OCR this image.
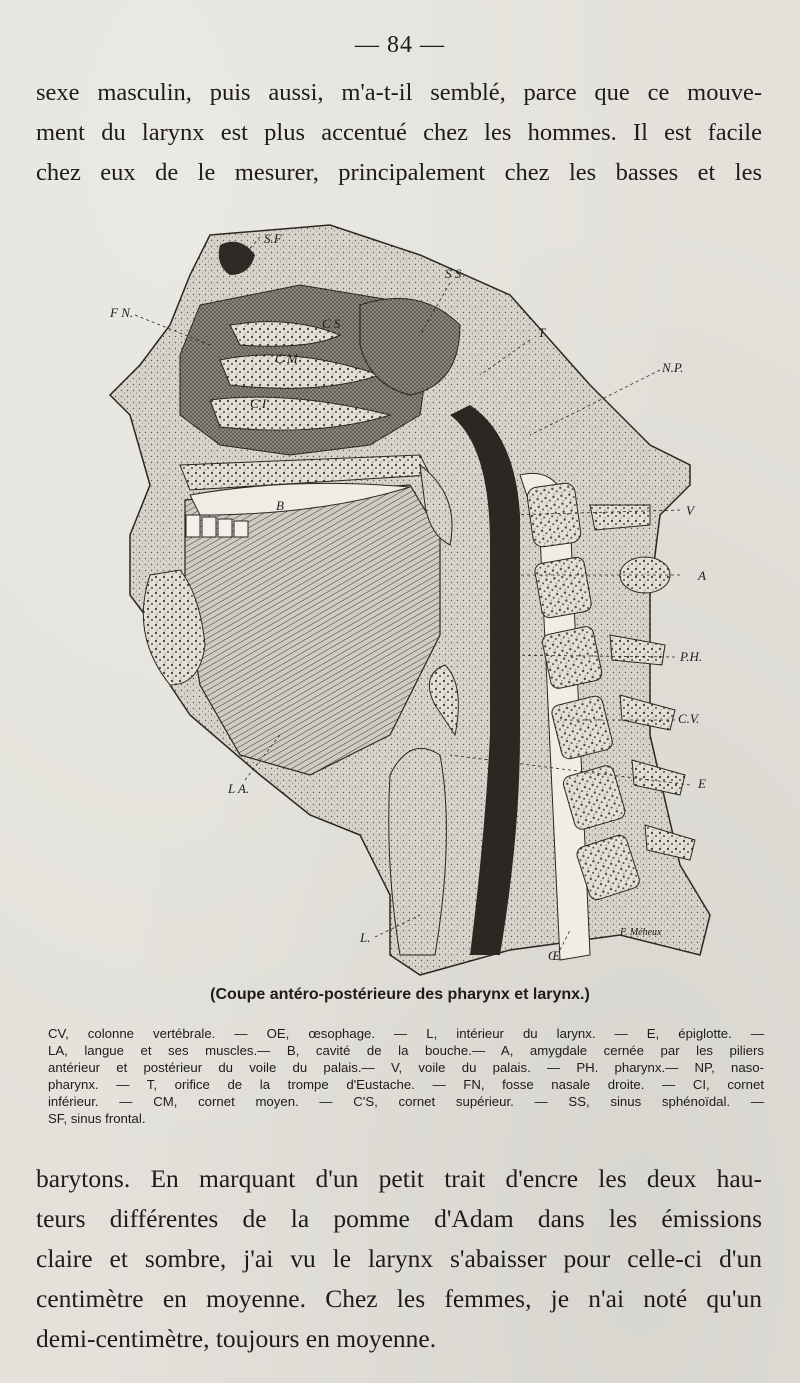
— 84 —
sexe masculin, puis aussi, m'a-t-il semblé, parce que ce mouve-
ment du larynx est plus accentué chez les hommes. Il est facile
chez eux de le mesurer, principalement chez les basses et les
S.F
S S
F N.
C S
C M
C I
T
N.P.
B	V
A
P.H.
C.V.
E
L A.
L.
Œ
F. Méheux
(Coupe antéro-postérieure des pharynx et larynx.)
CV, colonne vertébrale. — OE, œsophage. — L, intérieur du larynx. — E, épiglotte. —
LA, langue et ses muscles.— B, cavité de la bouche.— A, amygdale cernée par les piliers
antérieur et postérieur du voile du palais.— V, voile du palais. — PH. pharynx.— NP, naso-
pharynx. — T, orifice de la trompe d'Eustache. — FN, fosse nasale droite. — CI, cornet
inférieur. — CM, cornet moyen. — C'S, cornet supérieur. — SS, sinus sphénoïdal. —
SF, sinus frontal.
barytons. En marquant d'un petit trait d'encre les deux hau-
teurs différentes de la pomme d'Adam dans les émissions
claire et sombre, j'ai vu le larynx s'abaisser pour celle-ci d'un
centimètre en moyenne. Chez les femmes, je n'ai noté qu'un
demi-centimètre, toujours en moyenne.
